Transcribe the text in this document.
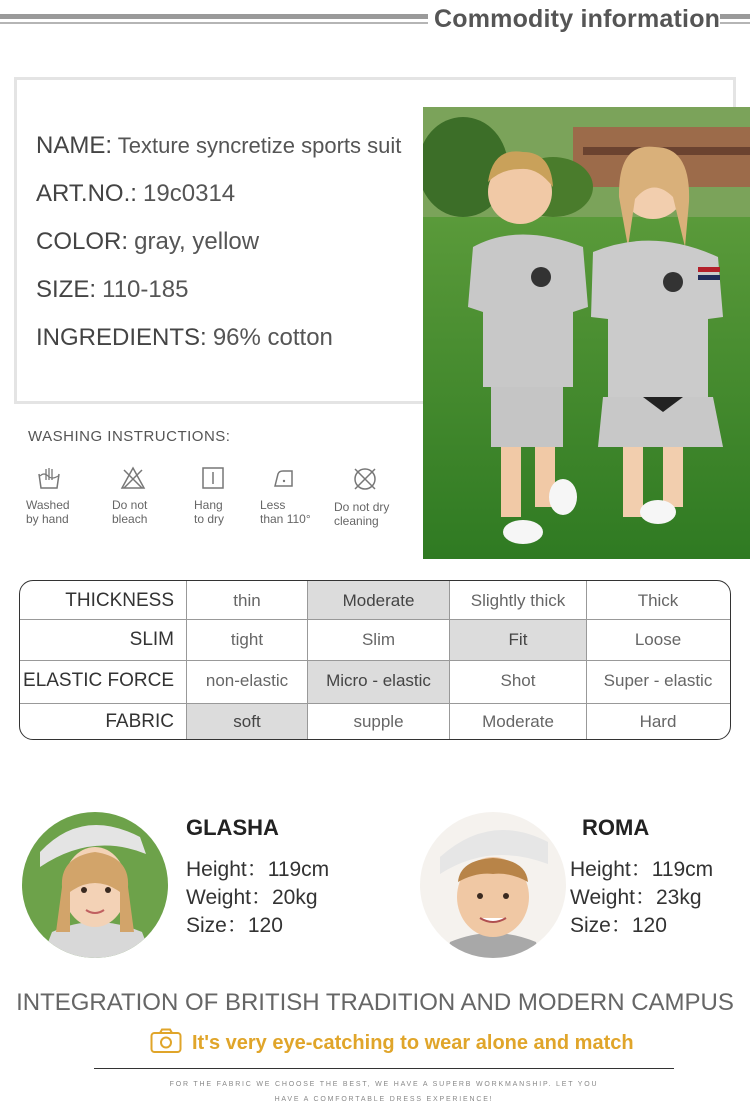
Commodity information
NAME: Texture syncretize sports suit
ART.NO.: 19c0314
COLOR: gray, yellow
SIZE: 110-185
INGREDIENTS: 96% cotton
WASHING INSTRUCTIONS:
Washed
by hand
Do not
bleach
Hang
to dry
Less
than 110°
Do not dry
cleaning
THICKNESS	thin	Moderate	Slightly thick	Thick
SLIM	tight	Slim	Fit	Loose
ELASTIC FORCE	non-elastic	Micro - elastic	Shot	Super - elastic
FABRIC	soft	supple	Moderate	Hard
GLASHA
Height：119cm
Weight：20kg
Size：120
ROMA
Height：119cm
Weight：23kg
Size：120
INTEGRATION OF BRITISH TRADITION AND MODERN CAMPUS
It's very eye-catching to wear alone and match
FOR THE FABRIC WE CHOOSE THE BEST, WE HAVE A SUPERB WORKMANSHIP. LET YOU
HAVE A COMFORTABLE DRESS EXPERIENCE!
